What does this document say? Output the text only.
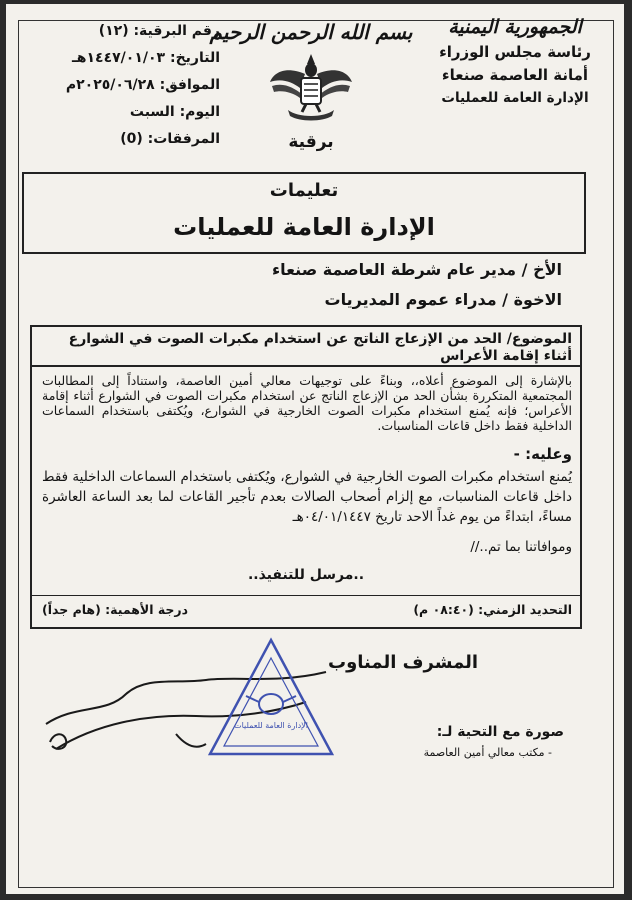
الجمهورية اليمنية
رئاسة مجلس الوزراء
أمانة العاصمة صنعاء
الإدارة العامة للعمليات
بسم الله الرحمن الرحيم
برقية
رقم البرقية: (١٢)
التاريخ: ١٤٤٧/٠١/٠٣هـ
الموافق: ٢٠٢٥/٠٦/٢٨م
اليوم: السبت
المرفقات: (0)
تعليمات
الإدارة العامة للعمليات
الأخ / مدير عام شرطة العاصمة صنعاء
الاخوة / مدراء عموم المديريات
الموضوع/ الحد من الإزعاج الناتج عن استخدام مكبرات الصوت في الشوارع أثناء إقامة الأعراس
بالإشارة إلى الموضوع أعلاه،، وبناءً على توجيهات معالي أمين العاصمة، واستناداً إلى المطالبات المجتمعية المتكررة بشأن الحد من الإزعاج الناتج عن استخدام مكبرات الصوت في الشوارع أثناء إقامة الأعراس؛ فإنه يُمنع استخدام مكبرات الصوت الخارجية في الشوارع، ويُكتفى باستخدام السماعات الداخلية فقط داخل قاعات المناسبات.
وعليه: -
يُمنع استخدام مكبرات الصوت الخارجية في الشوارع، ويُكتفى باستخدام السماعات الداخلية فقط داخل قاعات المناسبات، مع إلزام أصحاب الصالات بعدم تأجير القاعات لما بعد الساعة العاشرة مساءً، ابتداءً من يوم غداً الاحد تاريخ ٠٤/٠١/١٤٤٧هـ
وموافاتنا بما تم..//
..مرسل للتنفيذ..
التحديد الزمني: (٠٨:٤٠ م)
درجة الأهمية: (هام جداً)
المشرف المناوب
الإدارة العامة للعمليات	صورة مع التحية لـ:
- مكتب معالي أمين العاصمة
